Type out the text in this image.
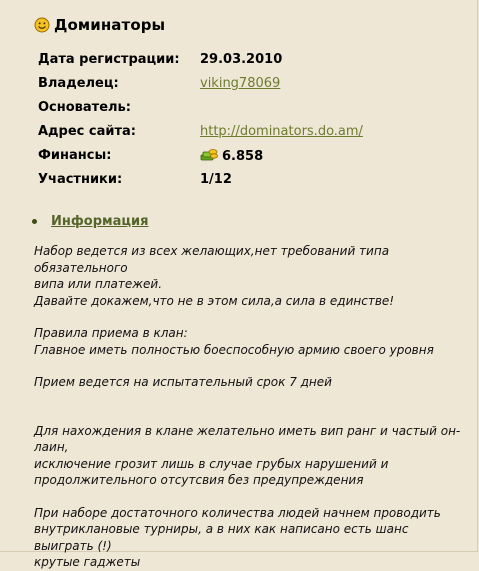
Доминаторы
Дата регистрации: 29.03.2010
Владелец:	viking78069
Основатель:
Адрес сайта:	http://dominators.do.am/
Финансы:	6.858
Участники:	1/12
Информация

Набор ведется из всех желающих,нет требований типа обязательного
випа или платежей.
Давайте докажем,что не в этом сила,а сила в единстве!

Правила приема в клан:
Главное иметь полностью боеспособную армию своего уровня

Прием ведется на испытательный срок 7 дней

Для нахождения в клане желательно иметь вип ранг и частый он-лаин,
исключение грозит лишь в случае грубых нарушений и
продолжительного отсутсвия без предупреждения

При наборе достаточного количества людей начнем проводить
внутриклановые турниры, а в них как написано есть шанс выиграть (!)
крутые гаджеты
